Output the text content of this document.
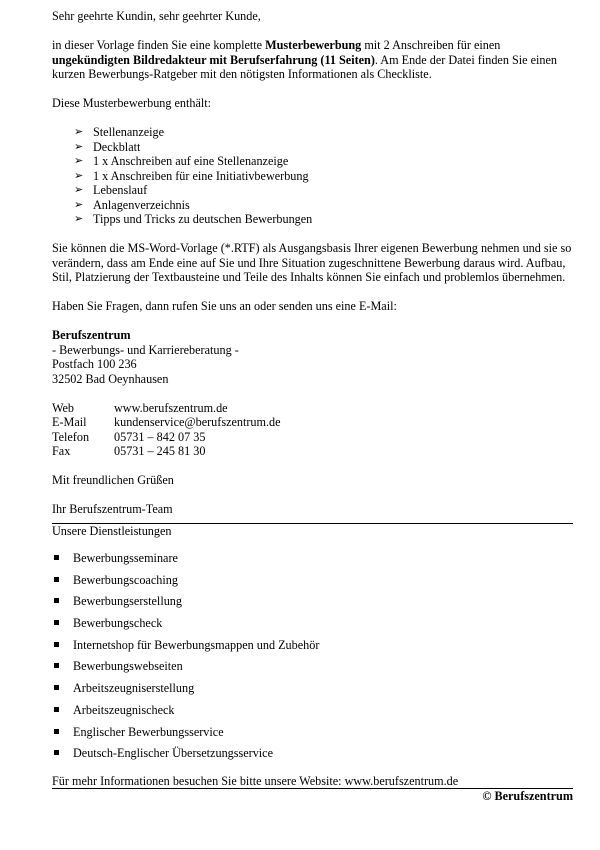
Sehr geehrte Kundin, sehr geehrter Kunde,

in dieser Vorlage finden Sie eine komplette Musterbewerbung mit 2 Anschreiben für einen ungekündigten Bildredakteur mit Berufserfahrung (11 Seiten). Am Ende der Datei finden Sie einen kurzen Bewerbungs-Ratgeber mit den nötigsten Informationen als Checkliste.

Diese Musterbewerbung enthält:

➢ Stellenanzeige
➢ Deckblatt
➢ 1 x Anschreiben auf eine Stellenanzeige
➢ 1 x Anschreiben für eine Initiativbewerbung
➢ Lebenslauf
➢ Anlagenverzeichnis
➢ Tipps und Tricks zu deutschen Bewerbungen

Sie können die MS-Word-Vorlage (*.RTF) als Ausgangsbasis Ihrer eigenen Bewerbung nehmen und sie so verändern, dass am Ende eine auf Sie und Ihre Situation zugeschnittene Bewerbung daraus wird. Aufbau, Stil, Platzierung der Textbausteine und Teile des Inhalts können Sie einfach und problemlos übernehmen.

Haben Sie Fragen, dann rufen Sie uns an oder senden uns eine E-Mail:

Berufszentrum

- Bewerbungs- und Karriereberatung -

Postfach 100 236

32502 Bad Oeynhausen

Web	www.berufszentrum.de
E-Mail	kundenservice@berufszentrum.de
Telefon	05731 – 842 07 35
Fax	05731 – 245 81 30

Mit freundlichen Grüßen

Ihr Berufszentrum-Team

Unsere Dienstleistungen

Bewerbungsseminare
Bewerbungscoaching
Bewerbungserstellung
Bewerbungscheck
Internetshop für Bewerbungsmappen und Zubehör
Bewerbungswebseiten
Arbeitszeugniserstellung
Arbeitszeugnischeck
Englischer Bewerbungsservice
Deutsch-Englischer Übersetzungsservice

Für mehr Informationen besuchen Sie bitte unsere Website: www.berufszentrum.de

© Berufszentrum
